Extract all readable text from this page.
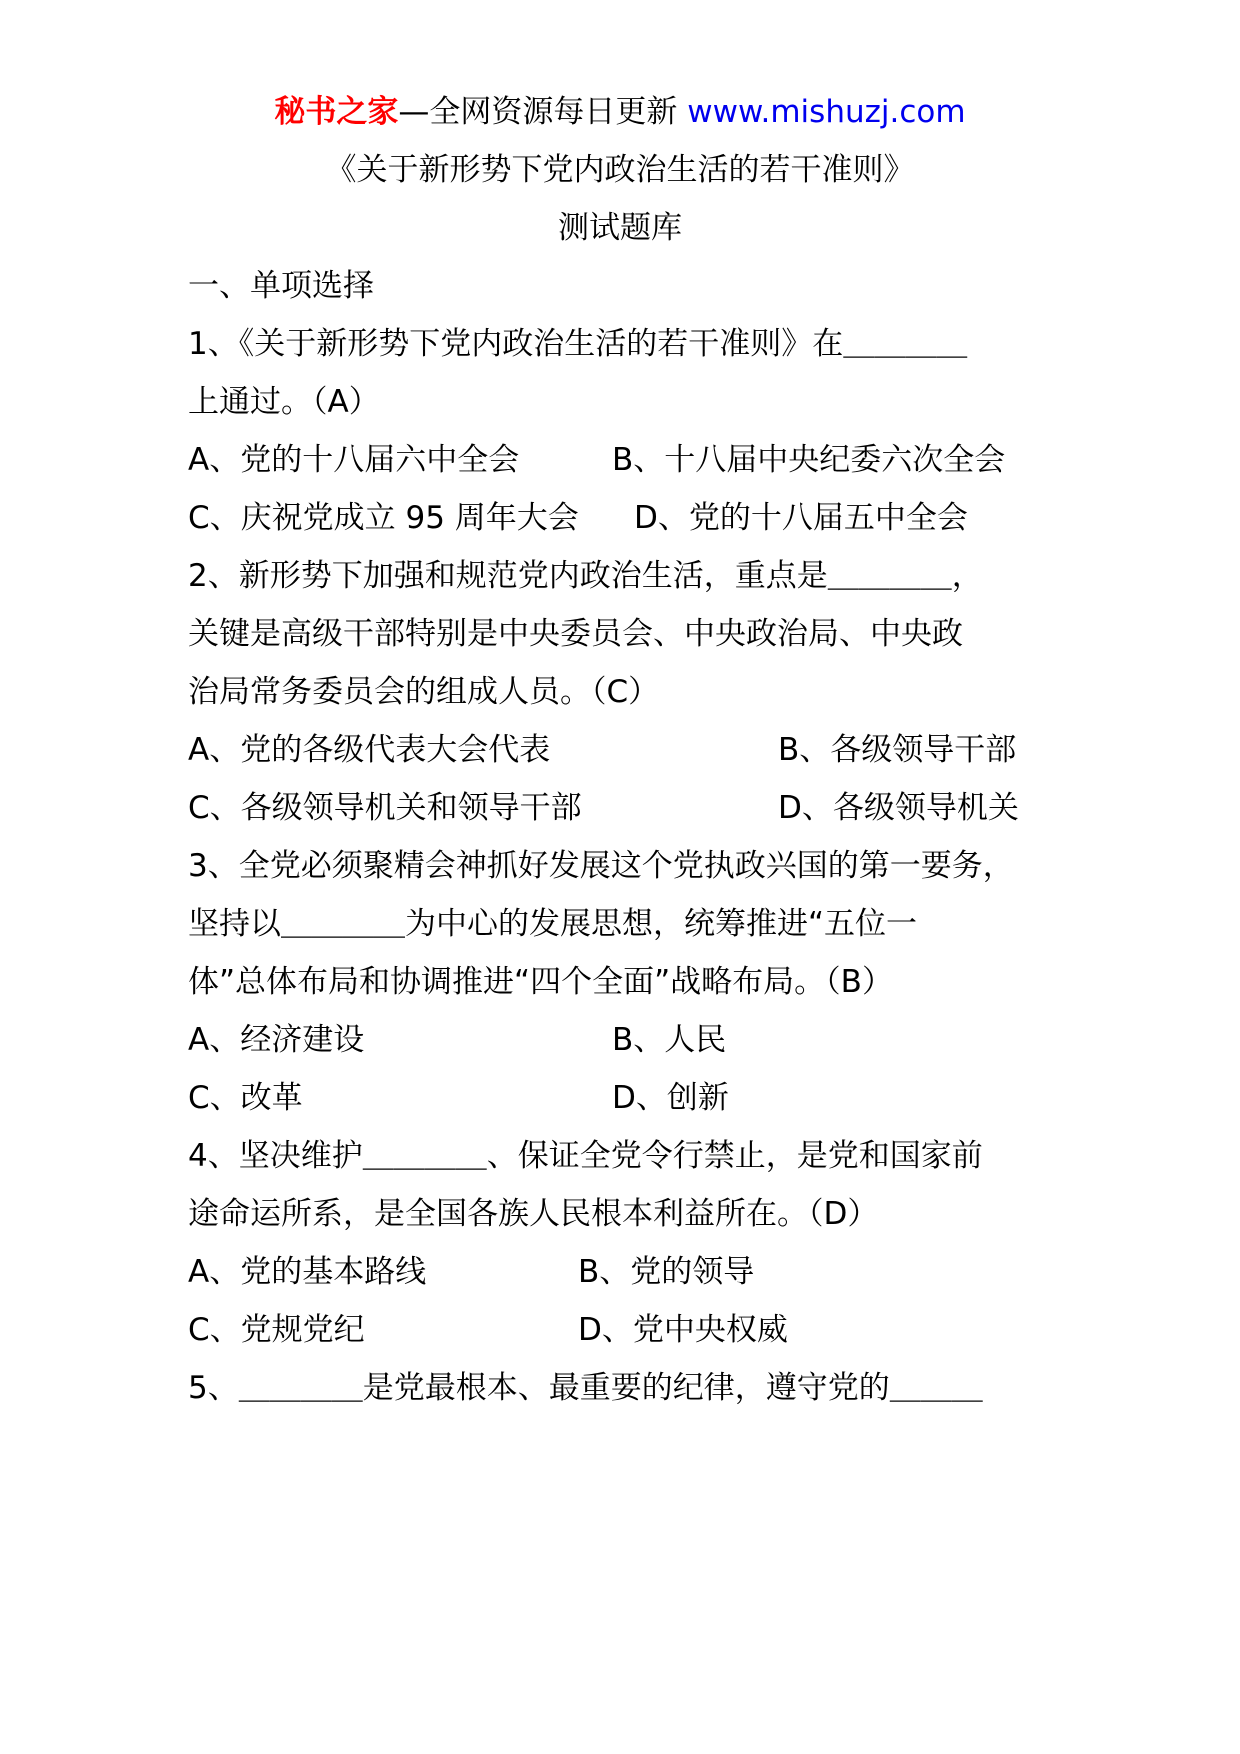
秘书之家—全网资源每日更新 www.mishuzj.com
《关于新形势下党内政治生活的若干准则》
测试题库
一、单项选择
1、《关于新形势下党内政治生活的若干准则》在＿＿＿＿
上通过。（A）
A、党的十八届六中全会	B、十八届中央纪委六次全会
C、庆祝党成立 95 周年大会 D、党的十八届五中全会
2、新形势下加强和规范党内政治生活，重点是＿＿＿＿，
关键是高级干部特别是中央委员会、中央政治局、中央政
治局常务委员会的组成人员。（C）
A、党的各级代表大会代表	B、各级领导干部
C、各级领导机关和领导干部	D、各级领导机关
3、全党必须聚精会神抓好发展这个党执政兴国的第一要务，
坚持以＿＿＿＿为中心的发展思想，统筹推进“五位一
体”总体布局和协调推进“四个全面”战略布局。（B）
A、经济建设	B、人民
C、改革	D、创新
4、坚决维护＿＿＿＿、保证全党令行禁止，是党和国家前
途命运所系，是全国各族人民根本利益所在。（D）
A、党的基本路线	B、党的领导
C、党规党纪	D、党中央权威
5、＿＿＿＿是党最根本、最重要的纪律，遵守党的＿＿＿
